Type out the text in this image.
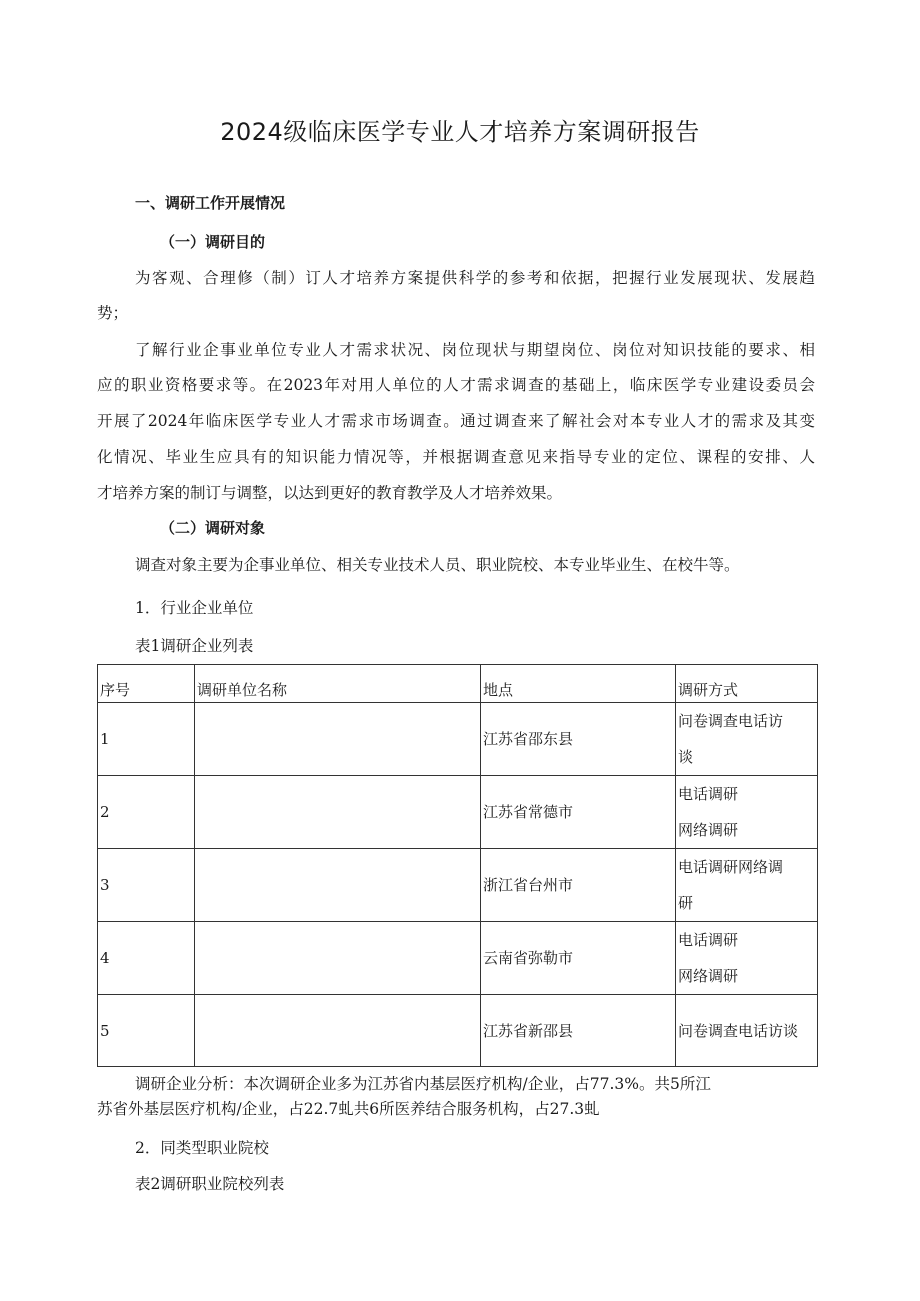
2024级临床医学专业人才培养方案调研报告
一、调研工作开展情况
（一）调研目的
为客观、合理修（制）订人才培养方案提供科学的参考和依据，把握行业发展现状、发展趋
势；
了解行业企事业单位专业人才需求状况、岗位现状与期望岗位、岗位对知识技能的要求、相
应的职业资格要求等。在2023年对用人单位的人才需求调查的基础上，临床医学专业建设委员会
开展了2024年临床医学专业人才需求市场调查。通过调查来了解社会对本专业人才的需求及其变
化情况、毕业生应具有的知识能力情况等，并根据调查意见来指导专业的定位、课程的安排、人
才培养方案的制订与调整，以达到更好的教育教学及人才培养效果。
（二）调研对象
调查对象主要为企事业单位、相关专业技术人员、职业院校、本专业毕业生、在校牛等。
1．行业企业单位
表1调研企业列表
序号	调研单位名称	地点	调研方式
1		江苏省邵东县	问卷调查电话访
谈
2		江苏省常德市	电话调研
网络调研
3		浙江省台州市	电话调研网络调
研
4		云南省弥勒市	电话调研
网络调研
5		江苏省新邵县	问卷调查电话访谈
调研企业分析：本次调研企业多为江苏省内基层医疗机构/企业，占77.3%。共5所江
苏省外基层医疗机构/企业，占22.7虬共6所医养结合服务机构，占27.3虬
2．同类型职业院校
表2调研职业院校列表
